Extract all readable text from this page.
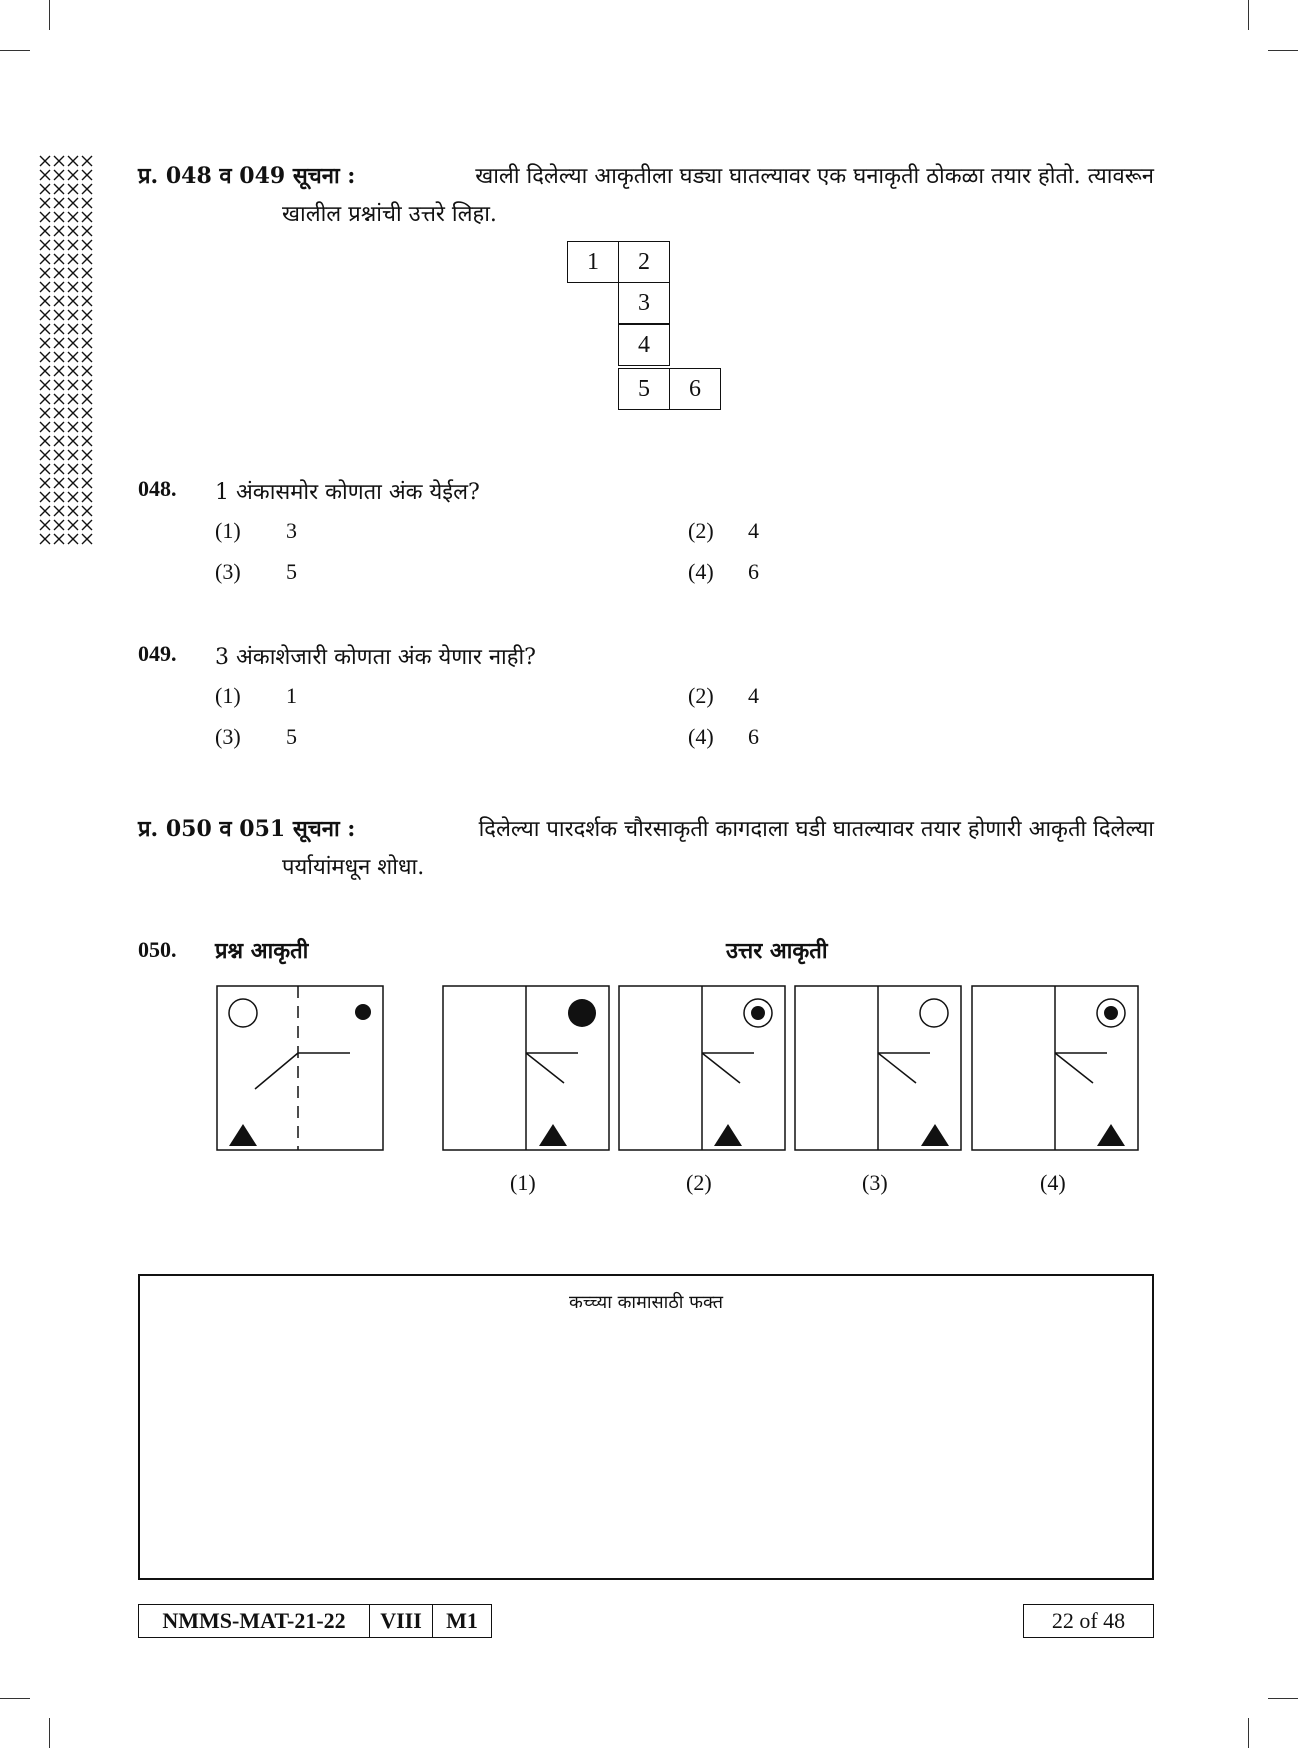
प्र. 048 व 049 सूचना :	खाली दिलेल्या आकृतीला घड्या घातल्यावर एक घनाकृती ठोकळा तयार होतो. त्यावरून
खालील प्रश्नांची उत्तरे लिहा.
1	2
3
4
5	6
048. 1 अंकासमोर कोणता अंक येईल?
(1) 3	(2) 4
(3) 5	(4) 6
049. 3 अंकाशेजारी कोणता अंक येणार नाही?
(1) 1	(2) 4
(3) 5	(4) 6
प्र. 050 व 051 सूचना :	दिलेल्या पारदर्शक चौरसाकृती कागदाला घडी घातल्यावर तयार होणारी आकृती दिलेल्या
पर्यायांमधून शोधा.
050. प्रश्न आकृती	उत्तर आकृती
(1)	(2)	(3)	(4)
कच्च्या कामासाठी फक्त
NMMS-MAT-21-22	VIII	M1	22 of 48
